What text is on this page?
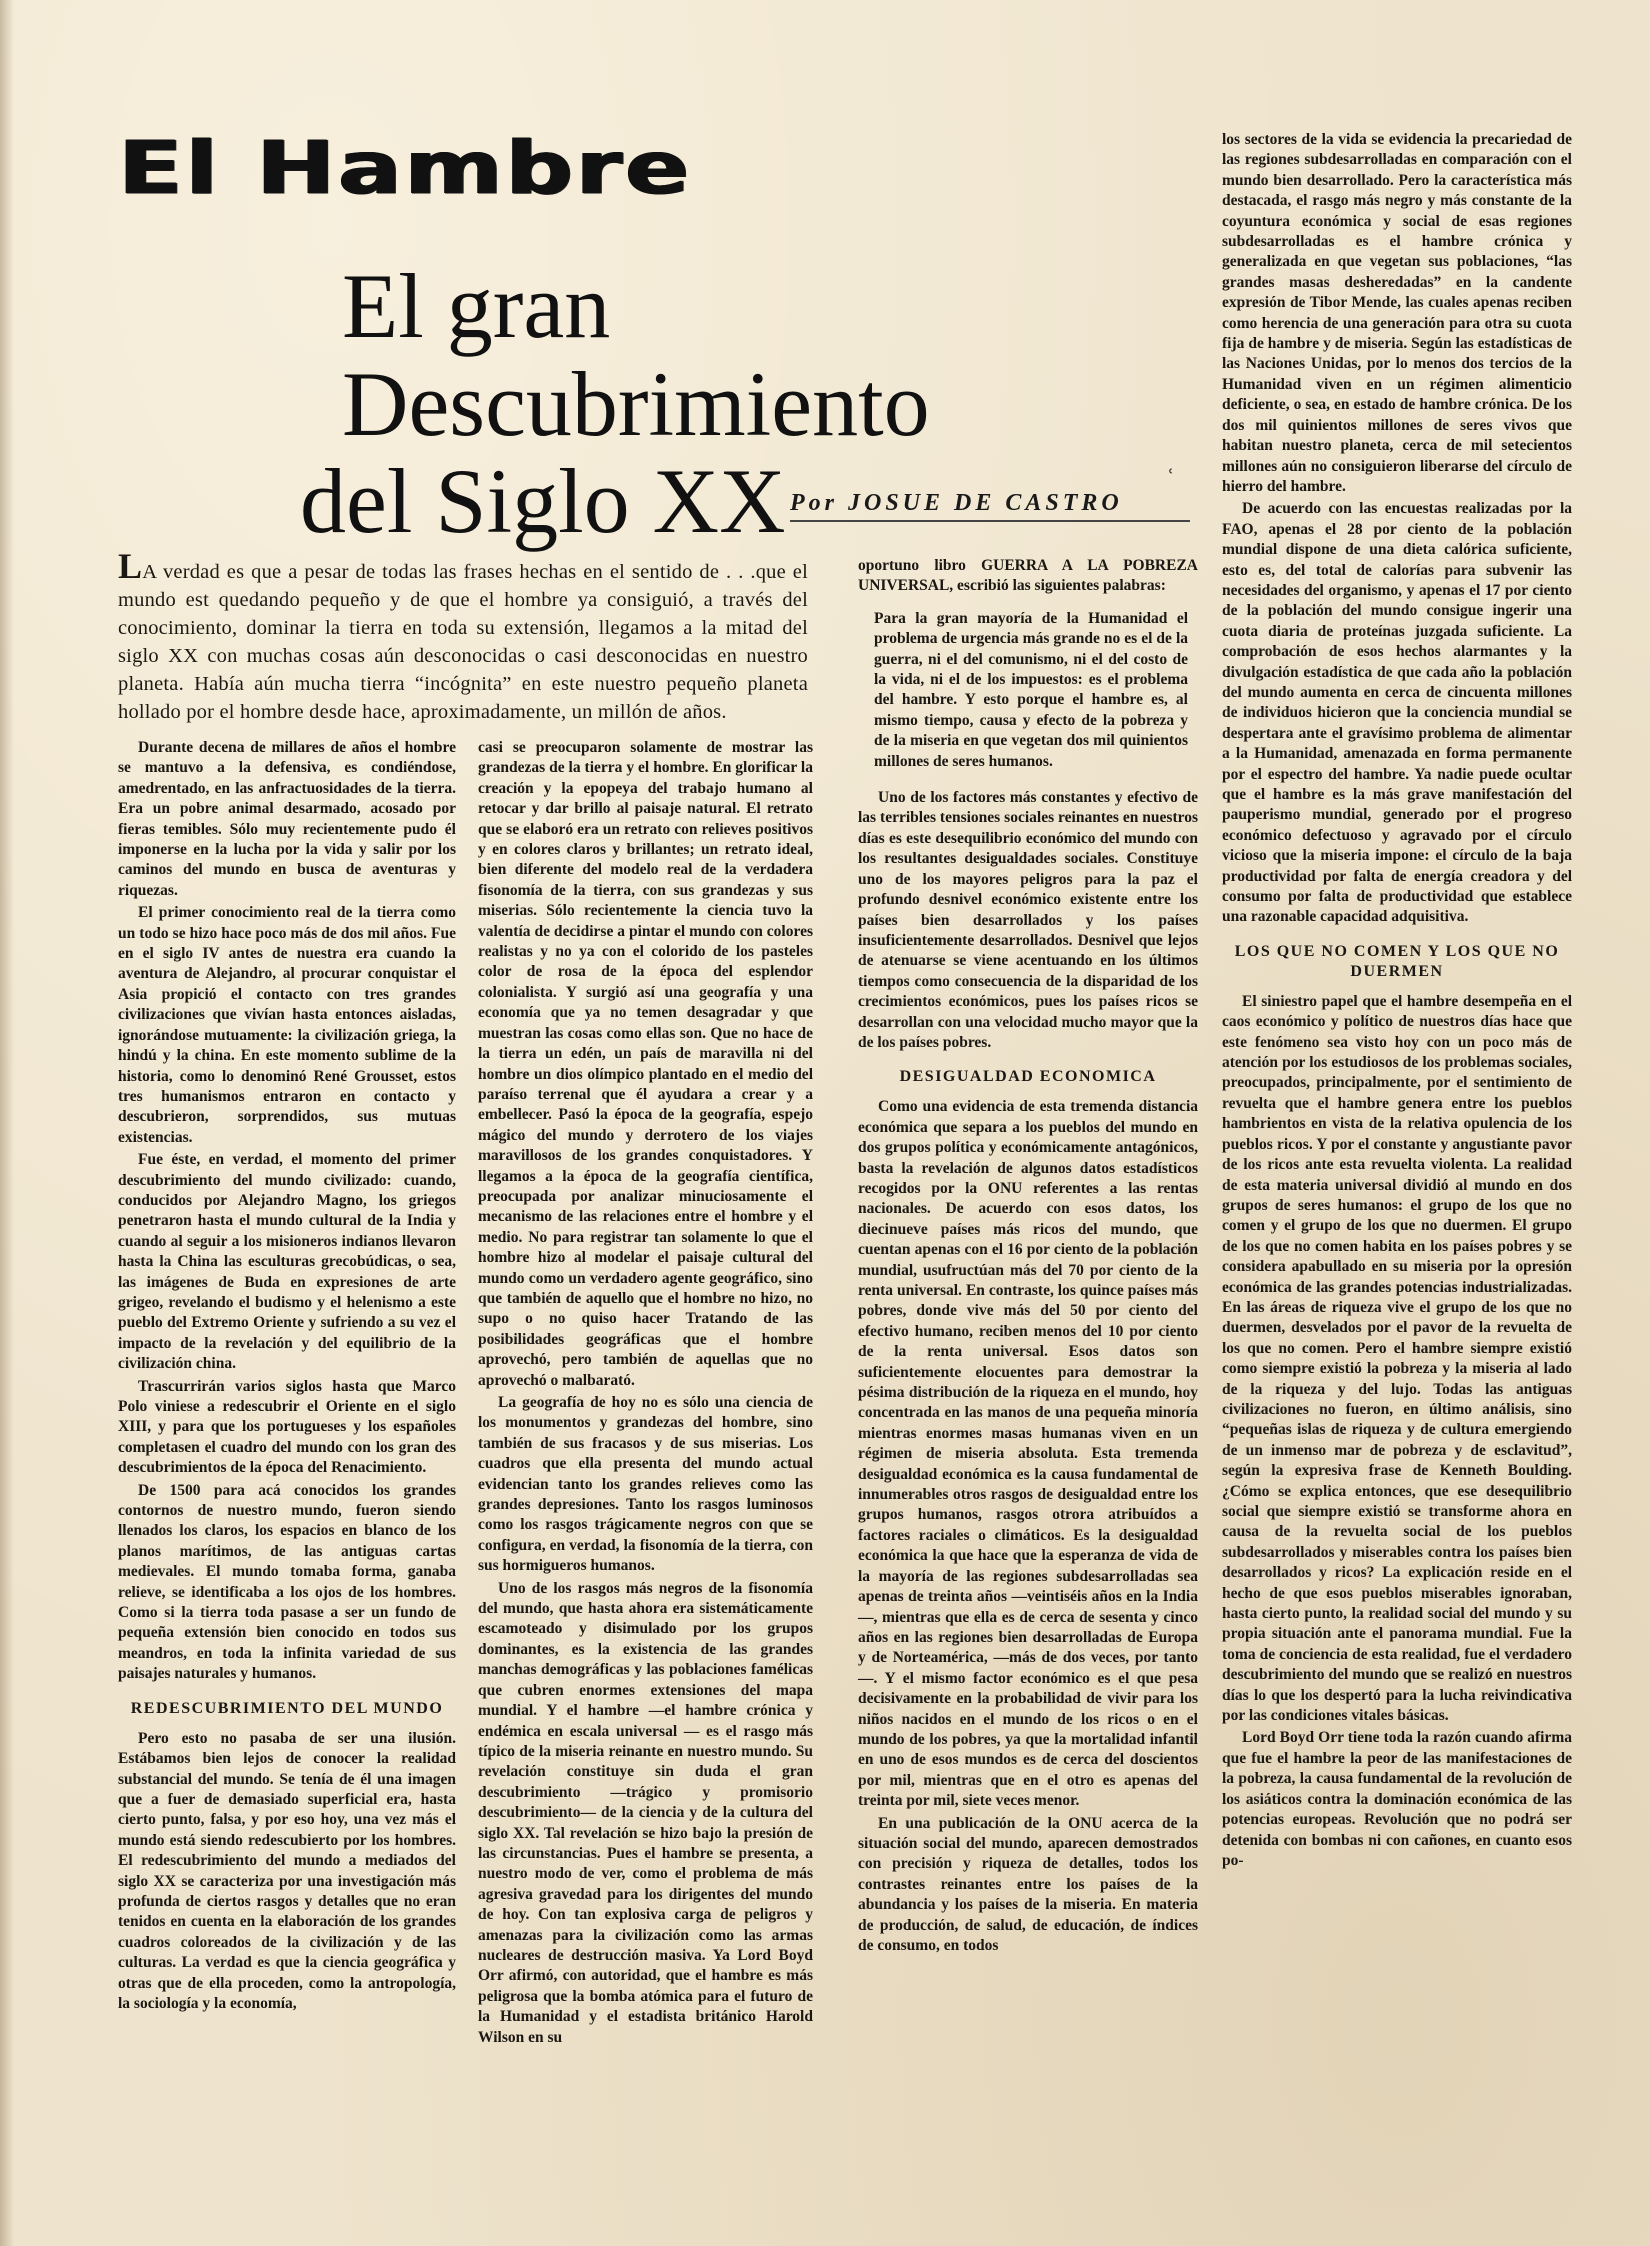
El Hambre
El gran Descubrimiento
del Siglo XX	ʿ
Por JOSUE DE CASTRO
LA verdad es que a pesar de todas las frases hechas en el sentido de . . .que el mundo est quedando pequeño y de que el hombre ya consiguió, a través del conocimiento, dominar la tierra en toda su extensión, llegamos a la mitad del siglo XX con muchas cosas aún desconocidas o casi desconocidas en nuestro planeta. Había aún mucha tierra “incógnita” en este nuestro pequeño planeta hollado por el hombre desde hace, aproximadamente, un millón de años.

Durante decena de millares de años el hombre se mantuvo a la defensiva, es condiéndose, amedrentado, en las anfractuosidades de la tierra. Era un pobre animal desarmado, acosado por fieras temibles. Sólo muy recientemente pudo él imponerse en la lucha por la vida y salir por los caminos del mundo en busca de aventuras y riquezas.

El primer conocimiento real de la tierra como un todo se hizo hace poco más de dos mil años. Fue en el siglo IV antes de nuestra era cuando la aventura de Alejandro, al procurar conquistar el Asia propició el contacto con tres grandes civilizaciones que vivían hasta entonces aisladas, ignorándose mutuamente: la civilización griega, la hindú y la china. En este momento sublime de la historia, como lo denominó René Grousset, estos tres humanismos entraron en contacto y descubrieron, sorprendidos, sus mutuas existencias.

Fue éste, en verdad, el momento del primer descubrimiento del mundo civilizado: cuando, conducidos por Alejandro Magno, los griegos penetraron hasta el mundo cultural de la India y cuando al seguir a los misioneros indianos llevaron hasta la China las esculturas grecobúdicas, o sea, las imágenes de Buda en expresiones de arte grigeo, revelando el budismo y el helenismo a este pueblo del Extremo Oriente y sufriendo a su vez el impacto de la revelación y del equilibrio de la civilización china.

Trascurrirán varios siglos hasta que Marco Polo viniese a redescubrir el Oriente en el siglo XIII, y para que los portugueses y los españoles completasen el cuadro del mundo con los gran des descubrimientos de la época del Renacimiento.

De 1500 para acá conocidos los grandes contornos de nuestro mundo, fueron siendo llenados los claros, los espacios en blanco de los planos marítimos, de las antiguas cartas medievales. El mundo tomaba forma, ganaba relieve, se identificaba a los ojos de los hombres. Como si la tierra toda pasase a ser un fundo de pequeña extensión bien conocido en todos sus meandros, en toda la infinita variedad de sus paisajes naturales y humanos.

REDESCUBRIMIENTO DEL MUNDO

Pero esto no pasaba de ser una ilusión. Estábamos bien lejos de conocer la realidad substancial del mundo. Se tenía de él una imagen que a fuer de demasiado superficial era, hasta cierto punto, falsa, y por eso hoy, una vez más el mundo está siendo redescubierto por los hombres. El redescubrimiento del mundo a mediados del siglo XX se caracteriza por una investigación más profunda de ciertos rasgos y detalles que no eran tenidos en cuenta en la elaboración de los grandes cuadros coloreados de la civilización y de las culturas. La verdad es que la ciencia geográfica y otras que de ella proceden, como la antropología, la sociología y la economía,

casi se preocuparon solamente de mostrar las grandezas de la tierra y el hombre. En glorificar la creación y la epopeya del trabajo humano al retocar y dar brillo al paisaje natural. El retrato que se elaboró era un retrato con relieves positivos y en colores claros y brillantes; un retrato ideal, bien diferente del modelo real de la verdadera fisonomía de la tierra, con sus grandezas y sus miserias. Sólo recientemente la ciencia tuvo la valentía de decidirse a pintar el mundo con colores realistas y no ya con el colorido de los pasteles color de rosa de la época del esplendor colonialista. Y surgió así una geografía y una economía que ya no temen desagradar y que muestran las cosas como ellas son. Que no hace de la tierra un edén, un país de maravilla ni del hombre un dios olímpico plantado en el medio del paraíso terrenal que él ayudara a crear y a embellecer. Pasó la época de la geografía, espejo mágico del mundo y derrotero de los viajes maravillosos de los grandes conquistadores. Y llegamos a la época de la geografía científica, preocupada por analizar minuciosamente el mecanismo de las relaciones entre el hombre y el medio. No para registrar tan solamente lo que el hombre hizo al modelar el paisaje cultural del mundo como un verdadero agente geográfico, sino que también de aquello que el hombre no hizo, no supo o no quiso hacer Tratando de las posibilidades geográficas que el hombre aprovechó, pero también de aquellas que no aprovechó o malbarató.

La geografía de hoy no es sólo una ciencia de los monumentos y grandezas del hombre, sino también de sus fracasos y de sus miserias. Los cuadros que ella presenta del mundo actual evidencian tanto los grandes relieves como las grandes depresiones. Tanto los rasgos luminosos como los rasgos trágicamente negros con que se configura, en verdad, la fisonomía de la tierra, con sus hormigueros humanos.

Uno de los rasgos más negros de la fisonomía del mundo, que hasta ahora era sistemáticamente escamoteado y disimulado por los grupos dominantes, es la existencia de las grandes manchas demográficas y las poblaciones famélicas que cubren enormes extensiones del mapa mundial. Y el hambre —el hambre crónica y endémica en escala universal — es el rasgo más típico de la miseria reinante en nuestro mundo. Su revelación constituye sin duda el gran descubrimiento —trágico y promisorio descubrimiento— de la ciencia y de la cultura del siglo XX. Tal revelación se hizo bajo la presión de las circunstancias. Pues el hambre se presenta, a nuestro modo de ver, como el problema de más agresiva gravedad para los dirigentes del mundo de hoy. Con tan explosiva carga de peligros y amenazas para la civilización como las armas nucleares de destrucción masiva. Ya Lord Boyd Orr afirmó, con autoridad, que el hambre es más peligrosa que la bomba atómica para el futuro de la Humanidad y el estadista británico Harold Wilson en su

oportuno libro GUERRA A LA POBREZA UNIVERSAL, escribió las siguientes palabras:

Para la gran mayoría de la Humanidad el problema de urgencia más grande no es el de la guerra, ni el del comunismo, ni el del costo de la vida, ni el de los impuestos: es el problema del hambre. Y esto porque el hambre es, al mismo tiempo, causa y efecto de la pobreza y de la miseria en que vegetan dos mil quinientos millones de seres humanos.

Uno de los factores más constantes y efectivo de las terribles tensiones sociales reinantes en nuestros días es este desequilibrio económico del mundo con los resultantes desigualdades sociales. Constituye uno de los mayores peligros para la paz el profundo desnivel económico existente entre los países bien desarrollados y los países insuficientemente desarrollados. Desnivel que lejos de atenuarse se viene acentuando en los últimos tiempos como consecuencia de la disparidad de los crecimientos económicos, pues los países ricos se desarrollan con una velocidad mucho mayor que la de los países pobres.

DESIGUALDAD ECONOMICA

Como una evidencia de esta tremenda distancia económica que separa a los pueblos del mundo en dos grupos política y económicamente antagónicos, basta la revelación de algunos datos estadísticos recogidos por la ONU referentes a las rentas nacionales. De acuerdo con esos datos, los diecinueve países más ricos del mundo, que cuentan apenas con el 16 por ciento de la población mundial, usufructúan más del 70 por ciento de la renta universal. En contraste, los quince países más pobres, donde vive más del 50 por ciento del efectivo humano, reciben menos del 10 por ciento de la renta universal. Esos datos son suficientemente elocuentes para demostrar la pésima distribución de la riqueza en el mundo, hoy concentrada en las manos de una pequeña minoría mientras enormes masas humanas viven en un régimen de miseria absoluta. Esta tremenda desigualdad económica es la causa fundamental de innumerables otros rasgos de desigualdad entre los grupos humanos, rasgos otrora atribuídos a factores raciales o climáticos. Es la desigualdad económica la que hace que la esperanza de vida de la mayoría de las regiones subdesarrolladas sea apenas de treinta años —veintiséis años en la India—, mientras que ella es de cerca de sesenta y cinco años en las regiones bien desarrolladas de Europa y de Norteamérica, —más de dos veces, por tanto—. Y el mismo factor económico es el que pesa decisivamente en la probabilidad de vivir para los niños nacidos en el mundo de los ricos o en el mundo de los pobres, ya que la mortalidad infantil en uno de esos mundos es de cerca del doscientos por mil, mientras que en el otro es apenas del treinta por mil, siete veces menor.

En una publicación de la ONU acerca de la situación social del mundo, aparecen demostrados con precisión y riqueza de detalles, todos los contrastes reinantes entre los países de la abundancia y los países de la miseria. En materia de producción, de salud, de educación, de índices de consumo, en todos

los sectores de la vida se evidencia la precariedad de las regiones subdesarrolladas en comparación con el mundo bien desarrollado. Pero la característica más destacada, el rasgo más negro y más constante de la coyuntura económica y social de esas regiones subdesarrolladas es el hambre crónica y generalizada en que vegetan sus poblaciones, “las grandes masas desheredadas” en la candente expresión de Tibor Mende, las cuales apenas reciben como herencia de una generación para otra su cuota fija de hambre y de miseria. Según las estadísticas de las Naciones Unidas, por lo menos dos tercios de la Humanidad viven en un régimen alimenticio deficiente, o sea, en estado de hambre crónica. De los dos mil quinientos millones de seres vivos que habitan nuestro planeta, cerca de mil setecientos millones aún no consiguieron liberarse del círculo de hierro del hambre.

De acuerdo con las encuestas realizadas por la FAO, apenas el 28 por ciento de la población mundial dispone de una dieta calórica suficiente, esto es, del total de calorías para subvenir las necesidades del organismo, y apenas el 17 por ciento de la población del mundo consigue ingerir una cuota diaria de proteínas juzgada suficiente. La comprobación de esos hechos alarmantes y la divulgación estadística de que cada año la población del mundo aumenta en cerca de cincuenta millones de individuos hicieron que la conciencia mundial se despertara ante el gravísimo problema de alimentar a la Humanidad, amenazada en forma permanente por el espectro del hambre. Ya nadie puede ocultar que el hambre es la más grave manifestación del pauperismo mundial, generado por el progreso económico defectuoso y agravado por el círculo vicioso que la miseria impone: el círculo de la baja productividad por falta de energía creadora y del consumo por falta de productividad que establece una razonable capacidad adquisitiva.

LOS QUE NO COMEN Y LOS QUE NO DUERMEN

El siniestro papel que el hambre desempeña en el caos económico y político de nuestros días hace que este fenómeno sea visto hoy con un poco más de atención por los estudiosos de los problemas sociales, preocupados, principalmente, por el sentimiento de revuelta que el hambre genera entre los pueblos hambrientos en vista de la relativa opulencia de los pueblos ricos. Y por el constante y angustiante pavor de los ricos ante esta revuelta violenta. La realidad de esta materia universal dividió al mundo en dos grupos de seres humanos: el grupo de los que no comen y el grupo de los que no duermen. El grupo de los que no comen habita en los países pobres y se considera apabullado en su miseria por la opresión económica de las grandes potencias industrializadas. En las áreas de riqueza vive el grupo de los que no duermen, desvelados por el pavor de la revuelta de los que no comen. Pero el hambre siempre existió como siempre existió la pobreza y la miseria al lado de la riqueza y del lujo. Todas las antiguas civilizaciones no fueron, en último análisis, sino “pequeñas islas de riqueza y de cultura emergiendo de un inmenso mar de pobreza y de esclavitud”, según la expresiva frase de Kenneth Boulding. ¿Cómo se explica entonces, que ese desequilibrio social que siempre existió se transforme ahora en causa de la revuelta social de los pueblos subdesarrollados y miserables contra los países bien desarrollados y ricos? La explicación reside en el hecho de que esos pueblos miserables ignoraban, hasta cierto punto, la realidad social del mundo y su propia situación ante el panorama mundial. Fue la toma de conciencia de esta realidad, fue el verdadero descubrimiento del mundo que se realizó en nuestros días lo que los despertó para la lucha reivindicativa por las condiciones vitales básicas.

Lord Boyd Orr tiene toda la razón cuando afirma que fue el hambre la peor de las manifestaciones de la pobreza, la causa fundamental de la revolución de los asiáticos contra la dominación económica de las potencias europeas. Revolución que no podrá ser detenida con bombas ni con cañones, en cuanto esos po-
